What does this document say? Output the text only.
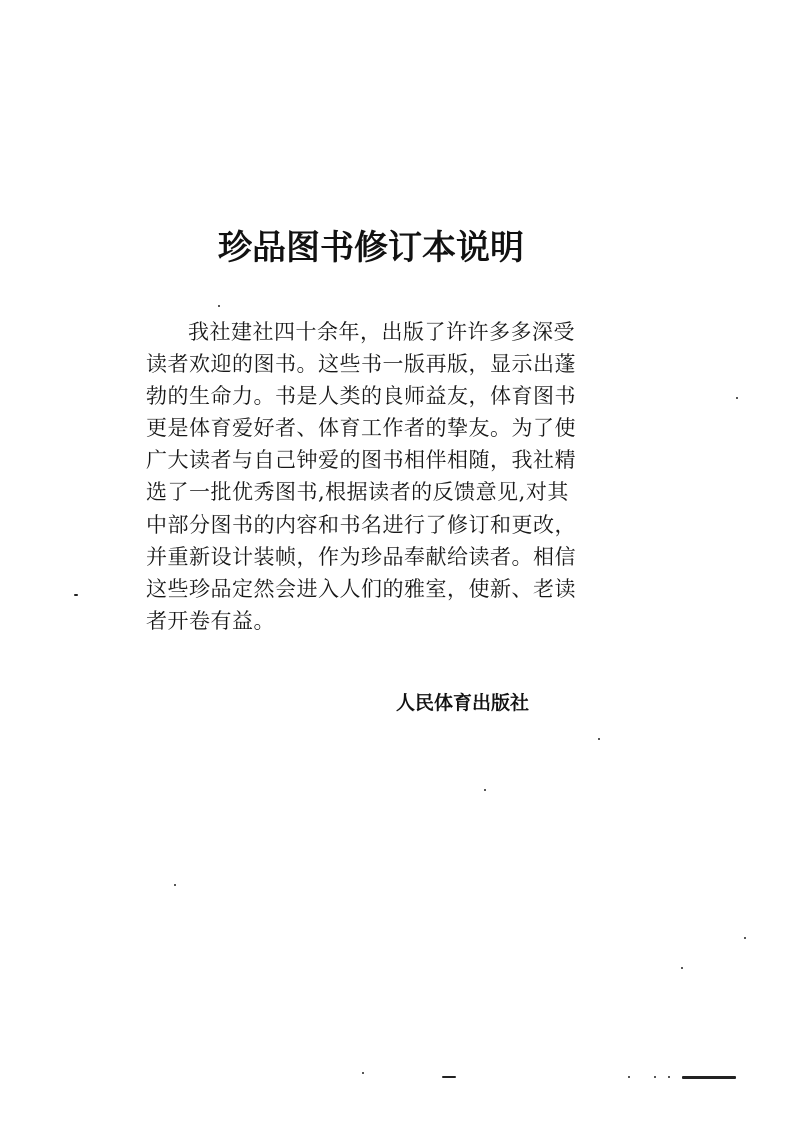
珍品图书修订本说明
我社建社四十余年，出版了许许多多深受
读者欢迎的图书。这些书一版再版，显示出蓬
勃的生命力。书是人类的良师益友，体育图书
更是体育爱好者、体育工作者的挚友。为了使
广大读者与自己钟爱的图书相伴相随，我社精
选了一批优秀图书,根据读者的反馈意见,对其
中部分图书的内容和书名进行了修订和更改，
并重新设计装帧，作为珍品奉献给读者。相信
这些珍品定然会进入人们的雅室，使新、老读
者开卷有益。
人民体育出版社
